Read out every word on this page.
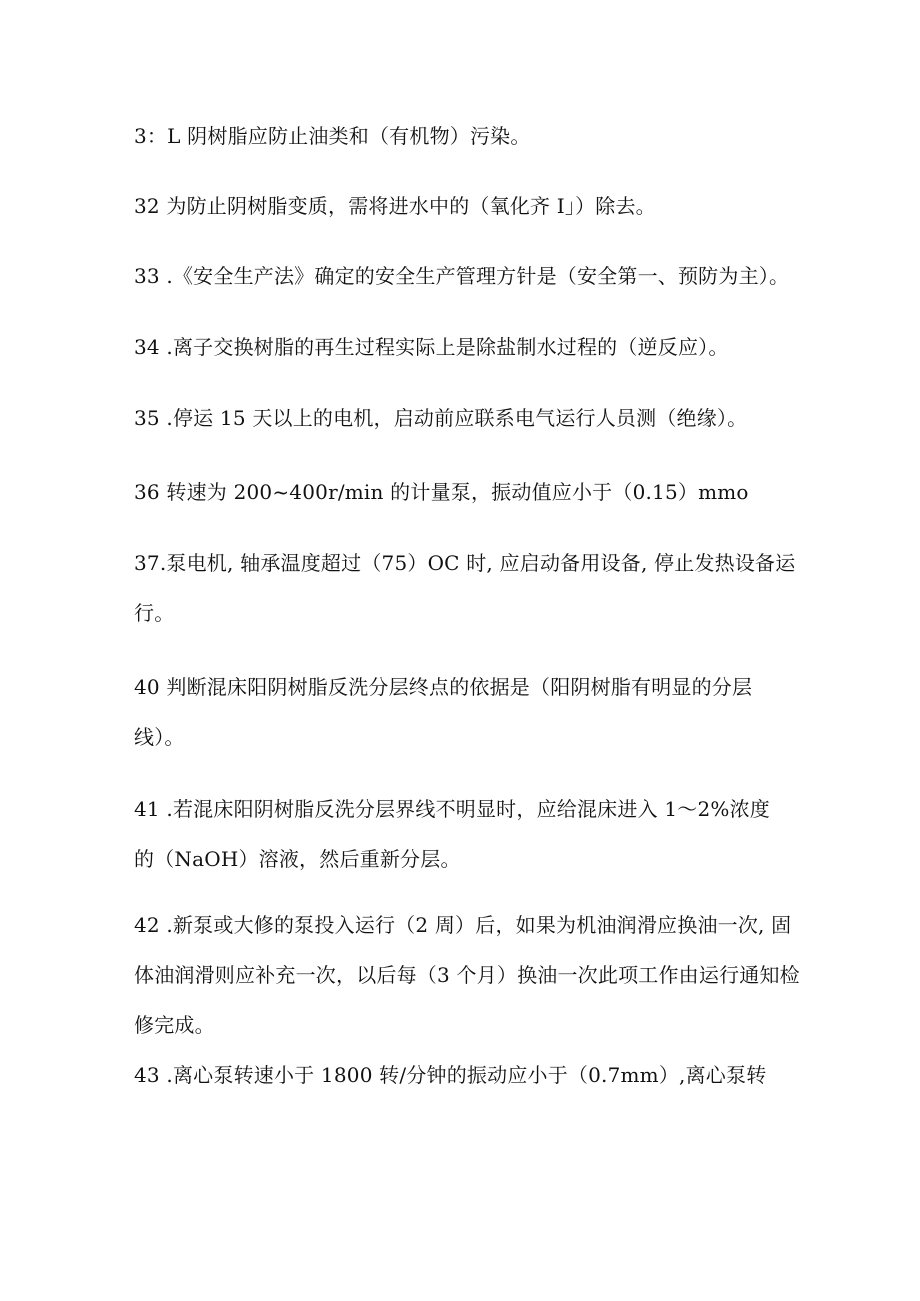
3：L 阴树脂应防止油类和（有机物）污染。
32 为防止阴树脂变质，需将进水中的（氧化齐 I」）除去。
33 .《安全生产法》确定的安全生产管理方针是（安全第一、预防为主）。
34 .离子交换树脂的再生过程实际上是除盐制水过程的（逆反应）。
35 .停运 15 天以上的电机，启动前应联系电气运行人员测（绝缘）。
36 转速为 200~400r/min 的计量泵，振动值应小于（0.15）mmo
37.泵电机, 轴承温度超过（75）OC 时, 应启动备用设备, 停止发热设备运
行。
40 判断混床阳阴树脂反洗分层终点的依据是（阳阴树脂有明显的分层
线）。
41 .若混床阳阴树脂反洗分层界线不明显时，应给混床进入 1～2%浓度
的（NaOH）溶液，然后重新分层。
42 .新泵或大修的泵投入运行（2 周）后，如果为机油润滑应换油一次, 固
体油润滑则应补充一次，以后每（3 个月）换油一次此项工作由运行通知检
修完成。
43 .离心泵转速小于 1800 转/分钟的振动应小于（0.7mm）,离心泵转
